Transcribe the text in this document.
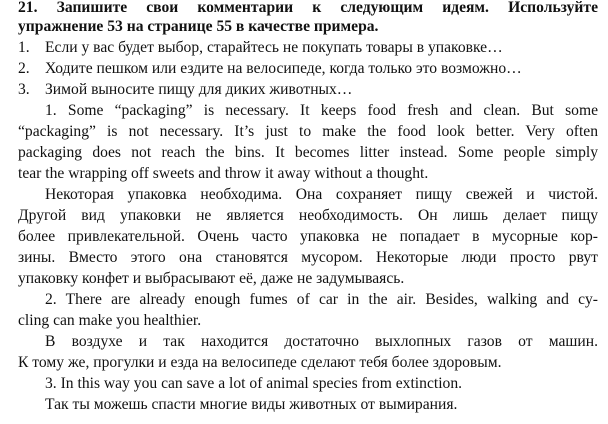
21. Запишите свои комментарии к следующим идеям. Используйте
упражнение 53 на странице 55 в качестве примера.
1. Если у вас будет выбор, старайтесь не покупать товары в упаковке…
2. Ходите пешком или ездите на велосипеде, когда только это возможно…
3. Зимой выносите пищу для диких животных…
1. Some “packaging” is necessary. It keeps food fresh and clean. But some
“packaging” is not necessary. It’s just to make the food look better. Very often
packaging does not reach the bins. It becomes litter instead. Some people simply
tear the wrapping off sweets and throw it away without a thought.
Некоторая упаковка необходима. Она сохраняет пищу свежей и чистой.
Другой вид упаковки не является необходимость. Он лишь делает пищу
более привлекательной. Очень часто упаковка не попадает в мусорные кор-
зины. Вместо этого она становятся мусором. Некоторые люди просто рвут
упаковку конфет и выбрасывают её, даже не задумываясь.
2. There are already enough fumes of car in the air. Besides, walking and cy-
cling can make you healthier.
В воздухе и так находится достаточно выхлопных газов от машин.
К тому же, прогулки и езда на велосипеде сделают тебя более здоровым.
3. In this way you can save a lot of animal species from extinction.
Так ты можешь спасти многие виды животных от вымирания.
